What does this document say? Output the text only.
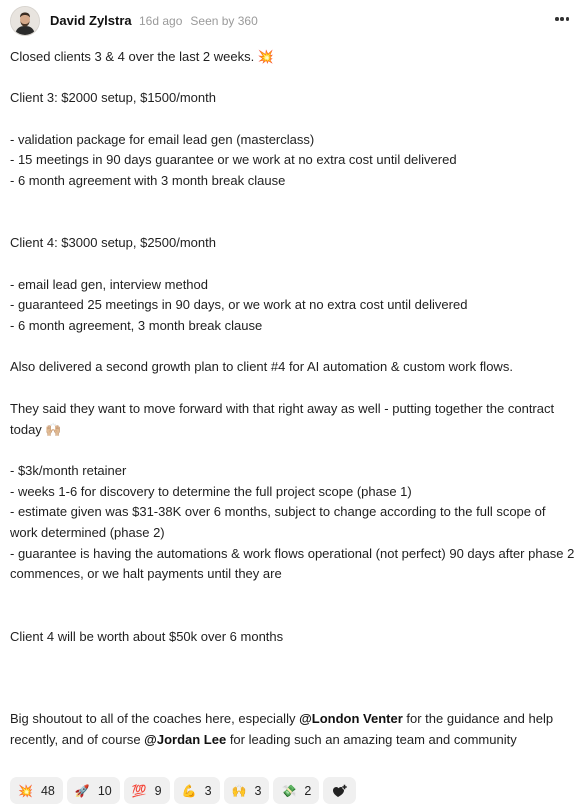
David Zylstra 16d ago Seen by 360

Closed clients 3 & 4 over the last 2 weeks. 💥

Client 3: $2000 setup, $1500/month

- validation package for email lead gen (masterclass)

- 15 meetings in 90 days guarantee or we work at no extra cost until delivered

- 6 month agreement with 3 month break clause

Client 4: $3000 setup, $2500/month

- email lead gen, interview method

- guaranteed 25 meetings in 90 days, or we work at no extra cost until delivered

- 6 month agreement, 3 month break clause

Also delivered a second growth plan to client #4 for AI automation & custom work flows.

They said they want to move forward with that right away as well - putting together the contract today 🙌🏼

- $3k/month retainer

- weeks 1-6 for discovery to determine the full project scope (phase 1)

- estimate given was $31-38K over 6 months, subject to change according to the full scope of work determined (phase 2)

- guarantee is having the automations & work flows operational (not perfect) 90 days after phase 2 commences, or we halt payments until they are

Client 4 will be worth about $50k over 6 months

Big shoutout to all of the coaches here, especially @London Venter for the guidance and help recently, and of course @Jordan Lee for leading such an amazing team and community

💥 48 🚀 10 💯 9 💪 3 🙌 3 💸 2
